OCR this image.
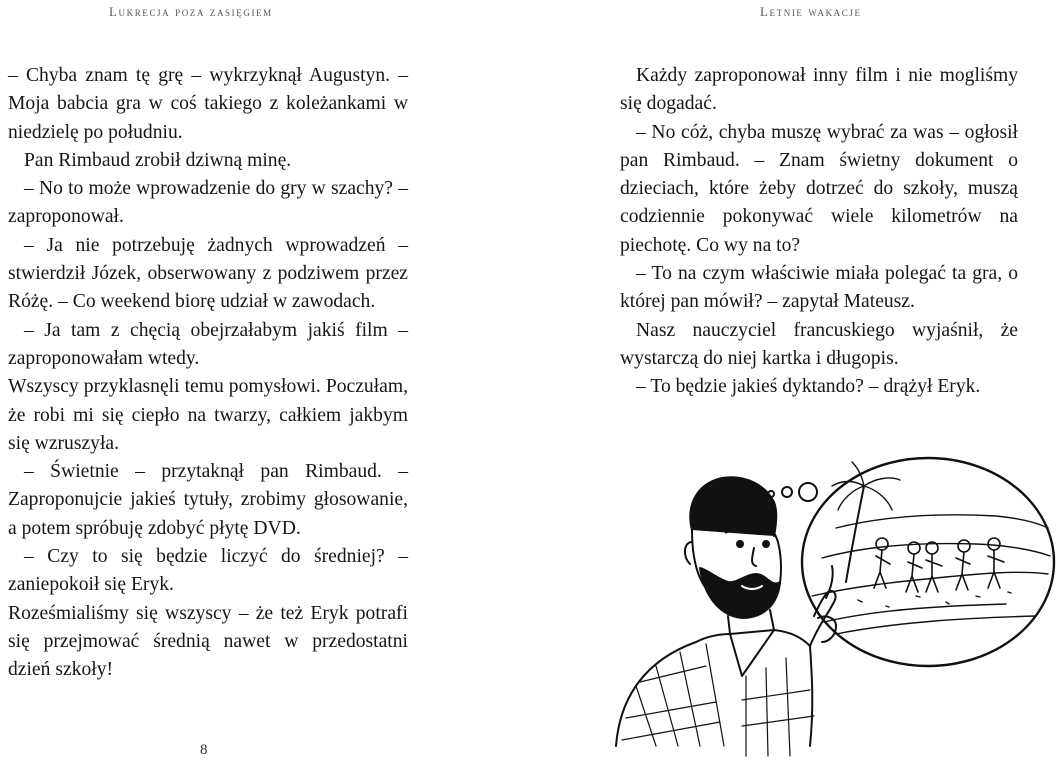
Lukrecja poza zasięgiem	Letnie wakacje

– Chyba znam tę grę – wykrzyknął Augustyn. – Moja babcia gra w coś takiego z koleżankami w niedzielę po południu.

Pan Rimbaud zrobił dziwną minę.

– No to może wprowadzenie do gry w szachy? – zaproponował.

– Ja nie potrzebuję żadnych wprowadzeń – stwierdził Józek, obserwowany z podziwem przez Różę. – Co weekend biorę udział w zawodach.

– Ja tam z chęcią obejrzałabym jakiś film – zaproponowałam wtedy.

Wszyscy przyklasnęli temu pomysłowi. Poczułam, że robi mi się ciepło na twarzy, całkiem jakbym się wzruszyła.

– Świetnie – przytaknął pan Rimbaud. – Zaproponujcie jakieś tytuły, zrobimy głosowanie, a potem spróbuję zdobyć płytę DVD.

– Czy to się będzie liczyć do średniej? – zaniepokoił się Eryk.

Roześmialiśmy się wszyscy – że też Eryk potrafi się przejmować średnią nawet w przedostatni dzień szkoły!

Każdy zaproponował inny film i nie mogliśmy się dogadać.

– No cóż, chyba muszę wybrać za was – ogłosił pan Rimbaud. – Znam świetny dokument o dzieciach, które żeby dotrzeć do szkoły, muszą codziennie pokonywać wiele kilometrów na piechotę. Co wy na to?

– To na czym właściwie miała polegać ta gra, o której pan mówił? – zapytał Mateusz.

Nasz nauczyciel francuskiego wyjaśnił, że wystarczą do niej kartka i długopis.

– To będzie jakieś dyktando? – drążył Eryk.

8
